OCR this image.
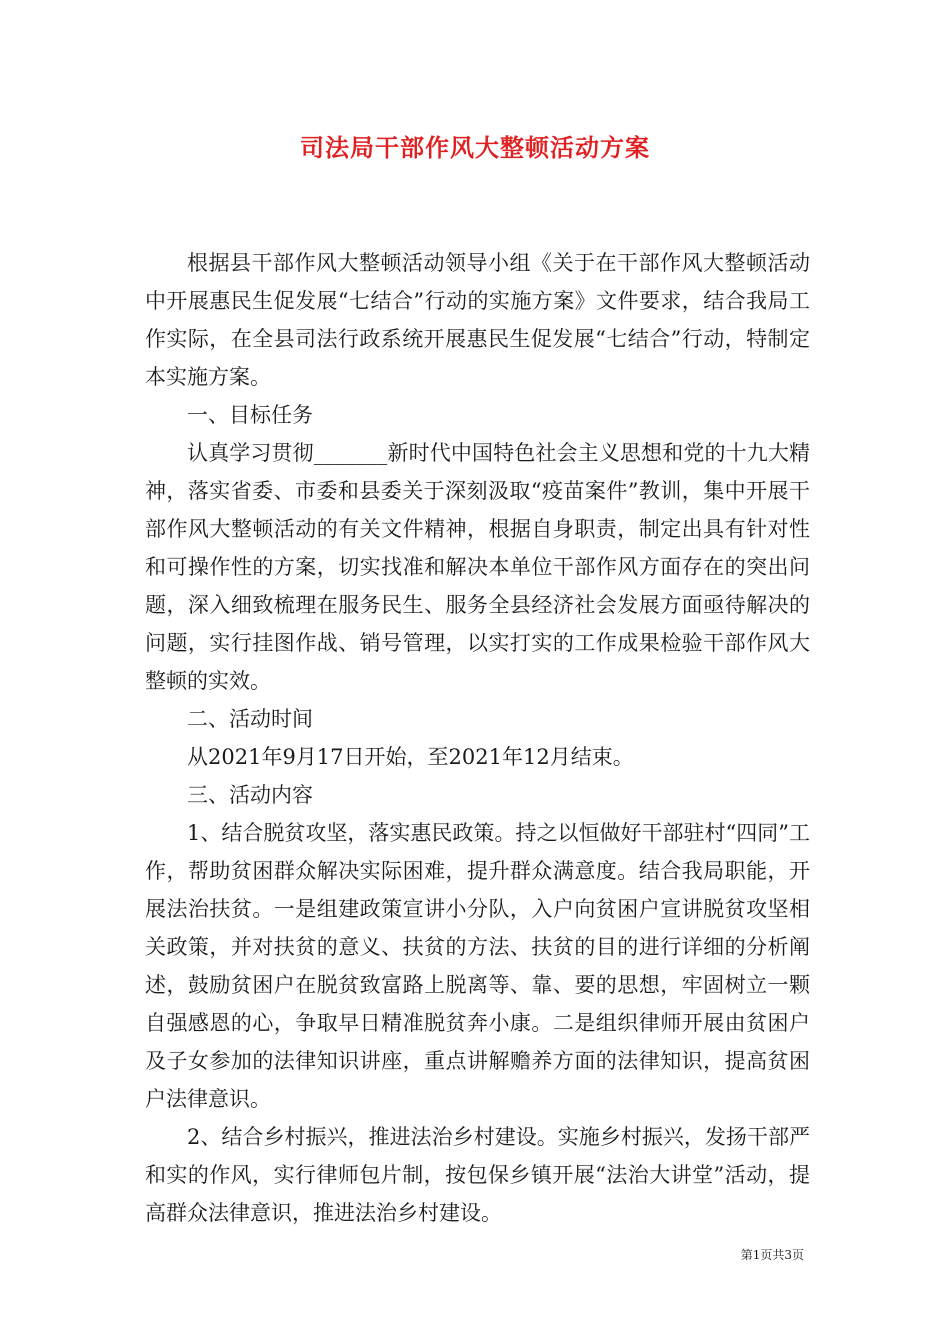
司法局干部作风大整顿活动方案

根据县干部作风大整顿活动领导小组《关于在干部作风大整顿活动中开展惠民生促发展“七结合”行动的实施方案》文件要求，结合我局工作实际，在全县司法行政系统开展惠民生促发展“七结合”行动，特制定本实施方案。

一、目标任务

认真学习贯彻_______新时代中国特色社会主义思想和党的十九大精神，落实省委、市委和县委关于深刻汲取“疫苗案件”教训，集中开展干部作风大整顿活动的有关文件精神，根据自身职责，制定出具有针对性和可操作性的方案，切实找准和解决本单位干部作风方面存在的突出问题，深入细致梳理在服务民生、服务全县经济社会发展方面亟待解决的问题，实行挂图作战、销号管理，以实打实的工作成果检验干部作风大整顿的实效。

二、活动时间

从2021年9月17日开始，至2021年12月结束。

三、活动内容

1、结合脱贫攻坚，落实惠民政策。持之以恒做好干部驻村“四同”工作，帮助贫困群众解决实际困难，提升群众满意度。结合我局职能，开展法治扶贫。一是组建政策宣讲小分队，入户向贫困户宣讲脱贫攻坚相关政策，并对扶贫的意义、扶贫的方法、扶贫的目的进行详细的分析阐述，鼓励贫困户在脱贫致富路上脱离等、靠、要的思想，牢固树立一颗自强感恩的心，争取早日精准脱贫奔小康。二是组织律师开展由贫困户及子女参加的法律知识讲座，重点讲解赡养方面的法律知识，提高贫困户法律意识。

2、结合乡村振兴，推进法治乡村建设。实施乡村振兴，发扬干部严和实的作风，实行律师包片制，按包保乡镇开展“法治大讲堂”活动，提高群众法律意识，推进法治乡村建设。

第1页共3页
